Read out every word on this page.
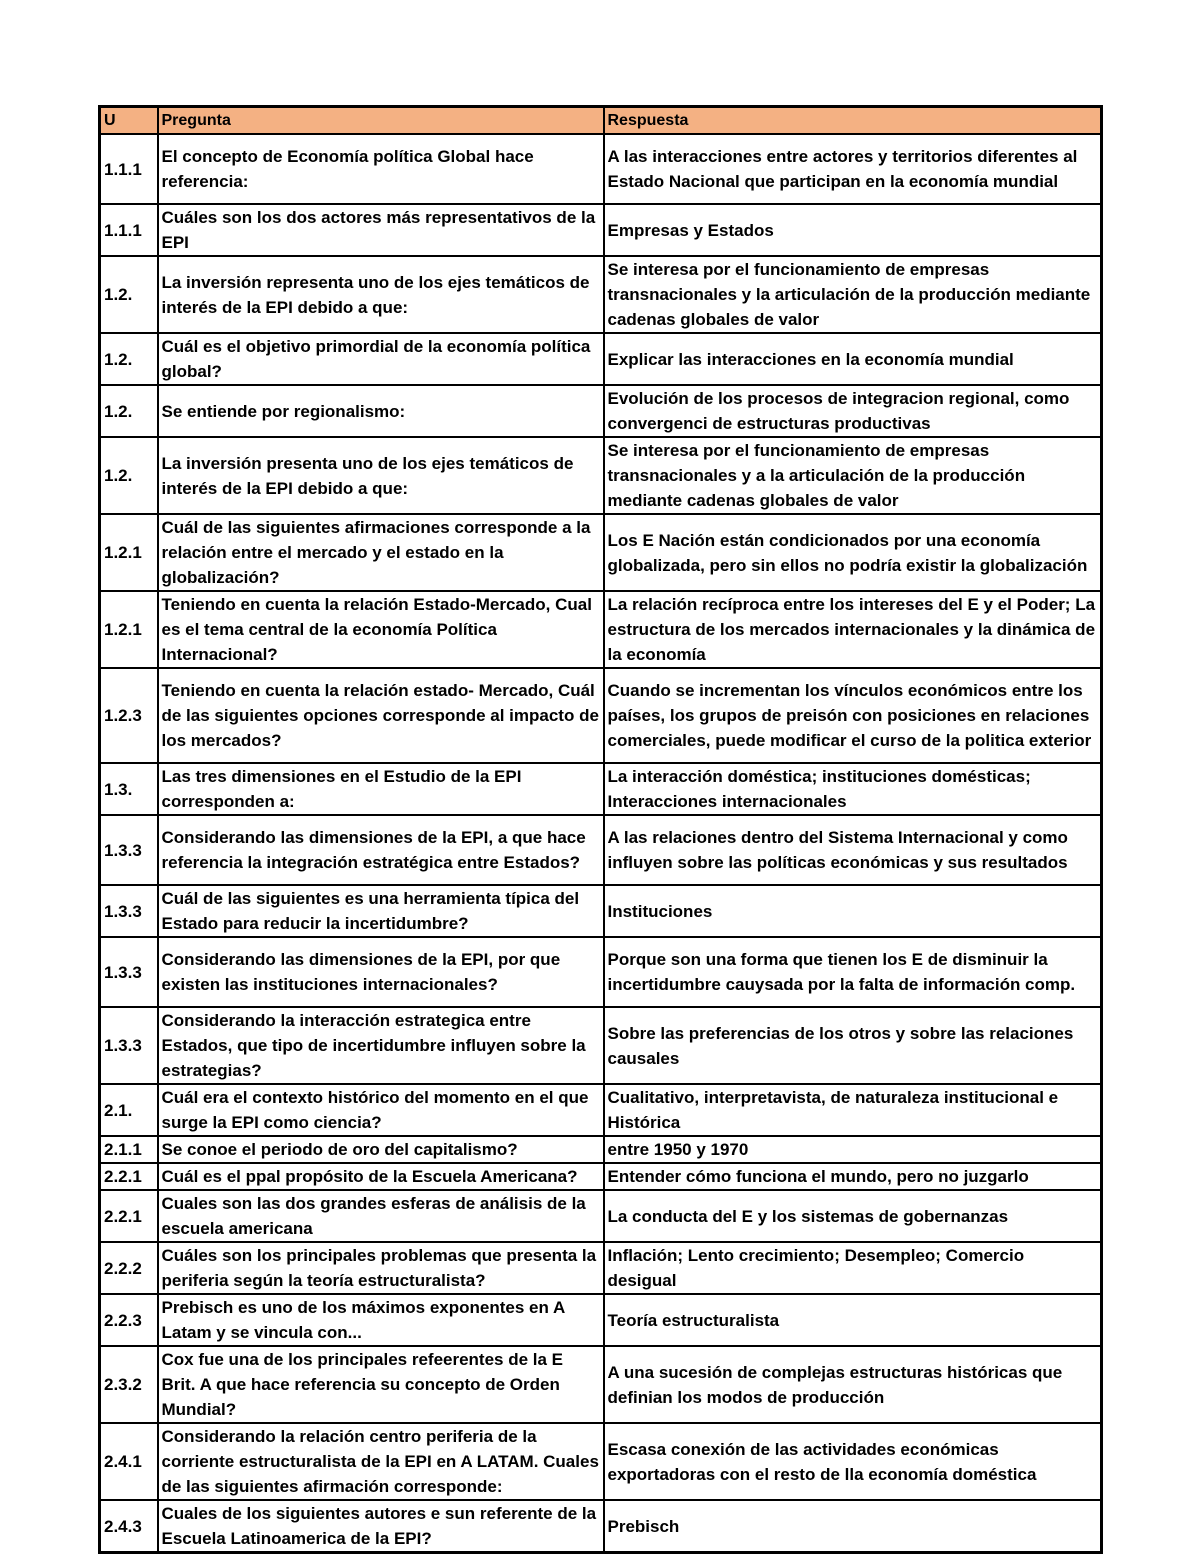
U	Pregunta	Respuesta
1.1.1	El concepto de Economía política Global hace referencia:	A las interacciones entre actores y territorios diferentes al Estado Nacional que participan en la economía mundial
1.1.1	Cuáles son los dos actores más representativos de la EPI	Empresas y Estados
1.2.	La inversión representa uno de los ejes temáticos de interés de la EPI debido a que:	Se interesa por el funcionamiento de empresas transnacionales y la articulación de la producción mediante cadenas globales de valor
1.2.	Cuál es el objetivo primordial de la economía política global?	Explicar las interacciones en la economía mundial
1.2.	Se entiende por regionalismo:	Evolución de los procesos de integracion regional, como convergenci de estructuras productivas
1.2.	La inversión presenta uno de los ejes temáticos de interés de la EPI debido a que:	Se interesa por el funcionamiento de empresas transnacionales y a la articulación de la producción mediante cadenas globales de valor
1.2.1	Cuál de las siguientes afirmaciones corresponde a la relación entre el mercado y el estado en la globalización?	Los E Nación están condicionados por una economía globalizada, pero sin ellos no podría existir la globalización
1.2.1	Teniendo en cuenta la relación Estado-Mercado, Cual es el tema central de la economía Política Internacional?	La relación recíproca entre los intereses del E y el Poder; La estructura de los mercados internacionales y la dinámica de la economía
1.2.3	Teniendo en cuenta la relación estado- Mercado, Cuál de las siguientes opciones corresponde al impacto de los mercados?	Cuando se incrementan los vínculos económicos entre los países, los grupos de preisón con posiciones en relaciones comerciales, puede modificar el curso de la politica exterior
1.3.	Las tres dimensiones en el Estudio de la EPI corresponden a:	La interacción doméstica; instituciones domésticas; Interacciones internacionales
1.3.3	Considerando las dimensiones de la EPI, a que hace referencia la integración estratégica entre Estados?	A las relaciones dentro del Sistema Internacional y como influyen sobre las políticas económicas y sus resultados
1.3.3	Cuál de las siguientes es una herramienta típica del Estado para reducir la incertidumbre?	Instituciones
1.3.3	Considerando las dimensiones de la EPI, por que existen las instituciones internacionales?	Porque son una forma que tienen los E de disminuir la incertidumbre cauysada por la falta de información comp.
1.3.3	Considerando la interacción estrategica entre Estados, que tipo de incertidumbre influyen sobre la estrategias?	Sobre las preferencias de los otros y sobre las relaciones causales
2.1.	Cuál era el contexto histórico del momento en el que surge la EPI como ciencia?	Cualitativo, interpretavista, de naturaleza institucional e Histórica
2.1.1	Se conoe el periodo de oro del capitalismo?	entre 1950 y 1970
2.2.1	Cuál es el ppal propósito de la Escuela Americana?	Entender cómo funciona el mundo, pero no juzgarlo
2.2.1	Cuales son las dos grandes esferas de análisis de la escuela americana	La conducta del E y los sistemas de gobernanzas
2.2.2	Cuáles son los principales problemas que presenta la periferia según la teoría estructuralista?	Inflación; Lento crecimiento; Desempleo; Comercio desigual
2.2.3	Prebisch es uno de los máximos exponentes en A Latam y se vincula con...	Teoría estructuralista
2.3.2	Cox fue una de los principales refeerentes de la E Brit. A que hace referencia su concepto de Orden Mundial?	A una sucesión de complejas estructuras históricas que definian los modos de producción
2.4.1	Considerando la relación centro periferia de la corriente estructuralista de la EPI en A LATAM. Cuales de las siguientes afirmación corresponde:	Escasa conexión de las actividades económicas exportadoras con el resto de lla economía doméstica
2.4.3	Cuales de los siguientes autores e sun referente de la Escuela Latinoamerica de la EPI?	Prebisch
